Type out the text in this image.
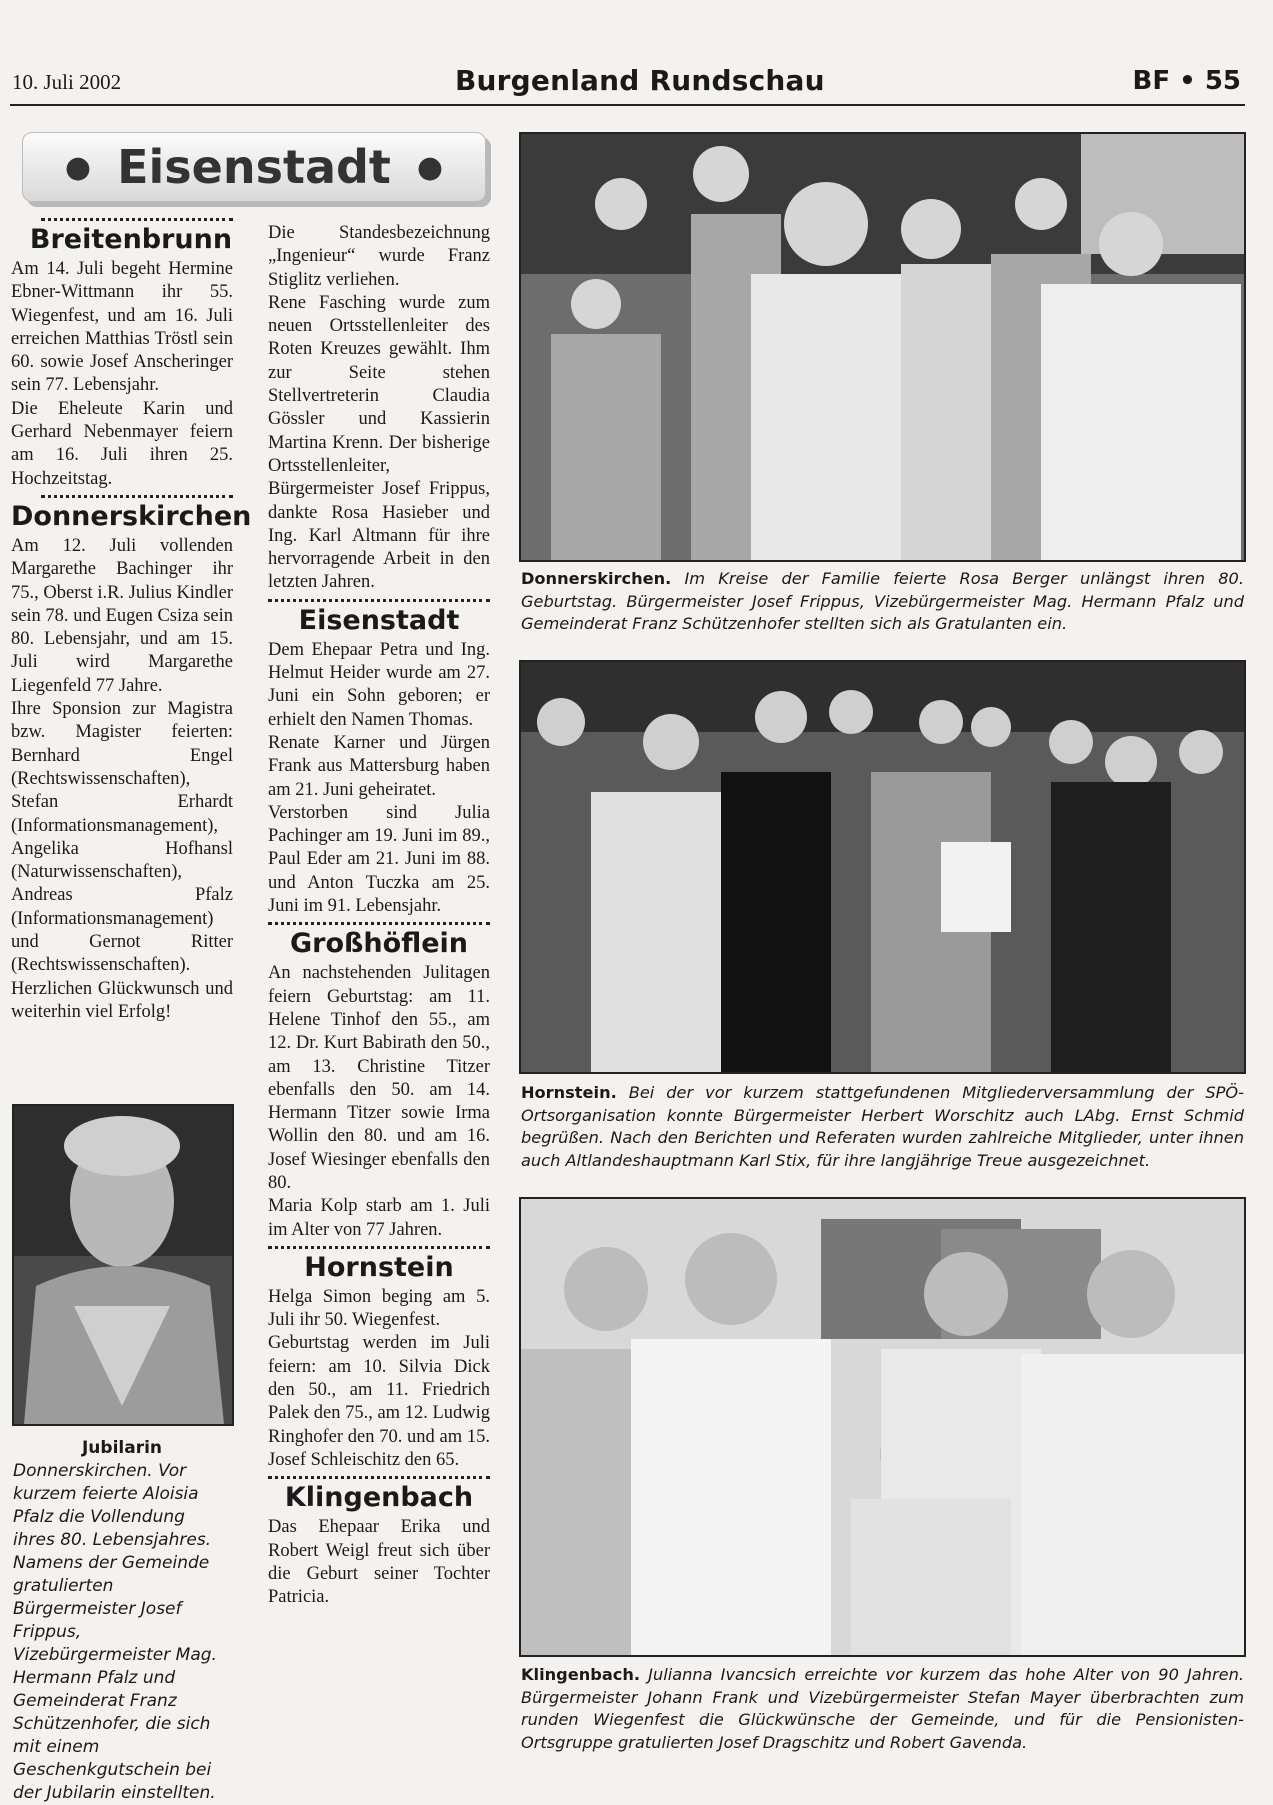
10. Juli 2002	Burgenland Rundschau	BF • 55
● Eisenstadt ●
Breitenbrunn

Am 14. Juli begeht Hermine Ebner-Wittmann ihr 55. Wiegenfest, und am 16. Juli erreichen Matthias Tröstl sein 60. sowie Josef Anscheringer sein 77. Lebensjahr.

Die Eheleute Karin und Gerhard Nebenmayer feiern am 16. Juli ihren 25. Hochzeitstag.

Donnerskirchen

Am 12. Juli vollenden Margarethe Bachinger ihr 75., Oberst i.R. Julius Kindler sein 78. und Eugen Csiza sein 80. Lebensjahr, und am 15. Juli wird Margarethe Liegenfeld 77 Jahre.

Ihre Sponsion zur Magistra bzw. Magister feierten: Bernhard Engel (Rechtswissenschaften), Stefan Erhardt (Informationsmanagement), Angelika Hofhansl (Naturwissenschaften), Andreas Pfalz (Informationsmanagement) und Gernot Ritter (Rechtswissenschaften). Herzlichen Glückwunsch und weiterhin viel Erfolg!

Die Standesbezeichnung „Ingenieur“ wurde Franz Stiglitz verliehen.

Rene Fasching wurde zum neuen Ortsstellenleiter des Roten Kreuzes gewählt. Ihm zur Seite stehen Stellvertreterin Claudia Gössler und Kassierin Martina Krenn. Der bisherige Ortsstellenleiter, Bürgermeister Josef Frippus, dankte Rosa Hasieber und Ing. Karl Altmann für ihre hervorragende Arbeit in den letzten Jahren.

Eisenstadt

Dem Ehepaar Petra und Ing. Helmut Heider wurde am 27. Juni ein Sohn geboren; er erhielt den Namen Thomas.

Renate Karner und Jürgen Frank aus Mattersburg haben am 21. Juni geheiratet.

Verstorben sind Julia Pachinger am 19. Juni im 89., Paul Eder am 21. Juni im 88. und Anton Tuczka am 25. Juni im 91. Lebensjahr.

Großhöflein

An nachstehenden Julitagen feiern Geburtstag: am 11. Helene Tinhof den 55., am 12. Dr. Kurt Babirath den 50., am 13. Christine Titzer ebenfalls den 50. am 14. Hermann Titzer sowie Irma Wollin den 80. und am 16. Josef Wiesinger ebenfalls den 80.

Maria Kolp starb am 1. Juli im Alter von 77 Jahren.

Hornstein

Helga Simon beging am 5. Juli ihr 50. Wiegenfest.

Geburtstag werden im Juli feiern: am 10. Silvia Dick den 50., am 11. Friedrich Palek den 75., am 12. Ludwig Ringhofer den 70. und am 15. Josef Schleischitz den 65.

Klingenbach

Das Ehepaar Erika und Robert Weigl freut sich über die Geburt seiner Tochter Patricia.

Jubilarin
Donnerskirchen. Vor kurzem feierte Aloisia Pfalz die Vollendung ihres 80. Lebensjahres. Namens der Gemeinde gratulierten Bürgermeister Josef Frippus, Vizebürgermeister Mag. Hermann Pfalz und Gemeinderat Franz Schützenhofer, die sich mit einem Geschenkgutschein bei der Jubilarin einstellten.
Donnerskirchen. Im Kreise der Familie feierte Rosa Berger unlängst ihren 80. Geburtstag. Bürgermeister Josef Frippus, Vizebürgermeister Mag. Hermann Pfalz und Gemeinderat Franz Schützenhofer stellten sich als Gratulanten ein.
Hornstein. Bei der vor kurzem stattgefundenen Mitgliederversammlung der SPÖ-Ortsorganisation konnte Bürgermeister Herbert Worschitz auch LAbg. Ernst Schmid begrüßen. Nach den Berichten und Referaten wurden zahlreiche Mitglieder, unter ihnen auch Altlandeshauptmann Karl Stix, für ihre langjährige Treue ausgezeichnet.
Klingenbach. Julianna Ivancsich erreichte vor kurzem das hohe Alter von 90 Jahren. Bürgermeister Johann Frank und Vizebürgermeister Stefan Mayer überbrachten zum runden Wiegenfest die Glückwünsche der Gemeinde, und für die Pensionisten-Ortsgruppe gratulierten Josef Dragschitz und Robert Gavenda.
